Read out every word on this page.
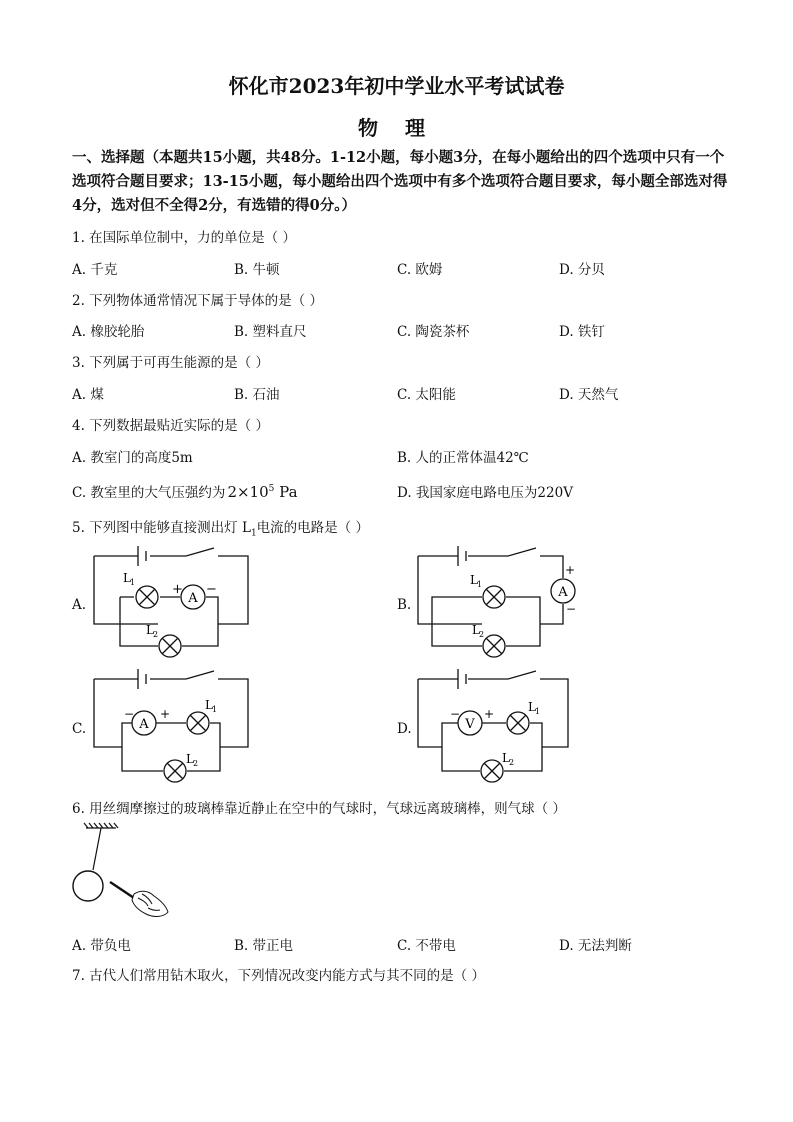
怀化市2023年初中学业水平考试试卷
物 理
一、选择题（本题共15小题，共48分。1-12小题，每小题3分，在每小题给出的四个选项中只有一个选项符合题目要求；13-15小题，每小题给出四个选项中有多个选项符合题目要求，每小题全部选对得4分，选对但不全得2分，有选错的得0分。）
1. 在国际单位制中，力的单位是（ ）
A. 千克	B. 牛顿	C. 欧姆	D. 分贝
2. 下列物体通常情况下属于导体的是（ ）
A. 橡胶轮胎	B. 塑料直尺	C. 陶瓷茶杯	D. 铁钉
3. 下列属于可再生能源的是（ ）
A. 煤	B. 石油	C. 太阳能	D. 天然气
4. 下列数据最贴近实际的是（ ）
A. 教室门的高度5m	B. 人的正常体温42℃
C. 教室里的大气压强约为 $2\times 10^5$ Pa	D. 我国家庭电路电压为220V
5. 下列图中能够直接测出灯 $L_1$电流的电路是（ ）
A.	B.
C.	D.
A
+ −
L 1
L 2
A
+
−
L 1
L 2
A
− +
L 1
L 2
V
− +	L 1
L 2
6. 用丝绸摩擦过的玻璃棒靠近静止在空中的气球时，气球远离玻璃棒，则气球（ ）
A. 带负电	B. 带正电	C. 不带电	D. 无法判断
7. 古代人们常用钻木取火，下列情况改变内能方式与其不同的是（ ）
